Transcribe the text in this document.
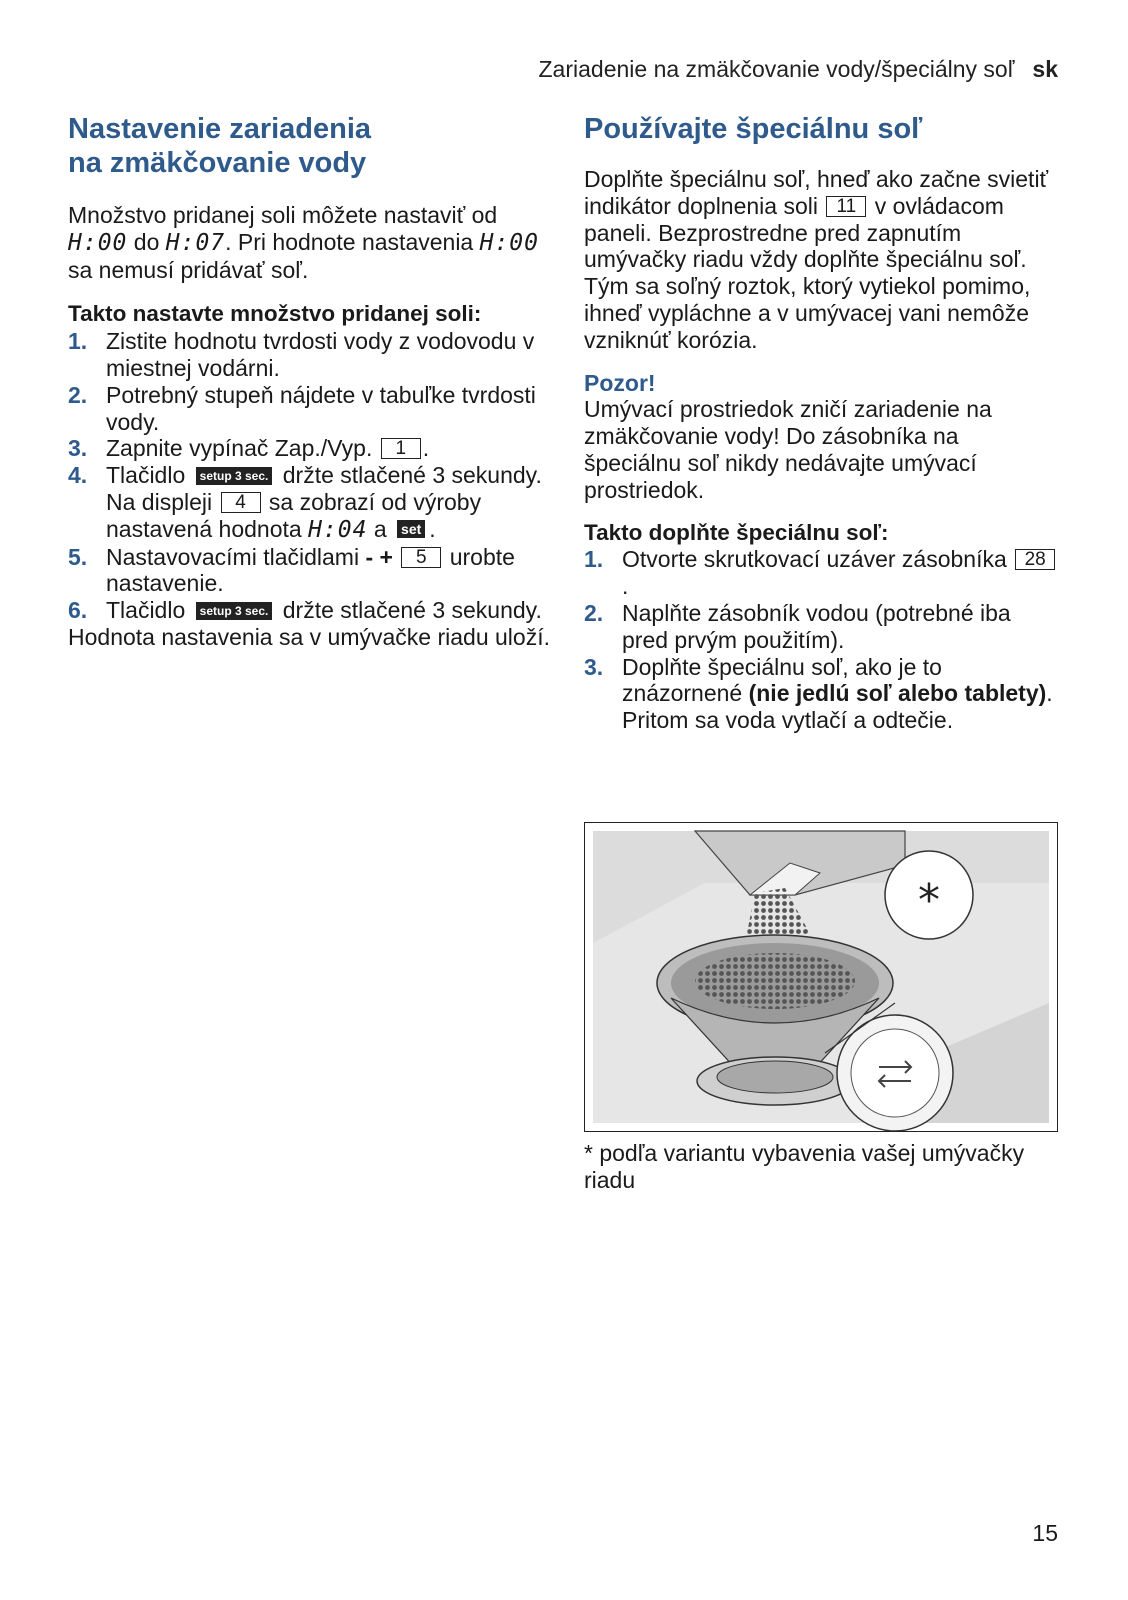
Zariadenie na zmäkčovanie vody/špeciálny soľ sk
Nastavenie zariadenia
na zmäkčovanie vody

Množstvo pridanej soli môžete nastaviť od H:00 do H:07. Pri hodnote nastavenia H:00 sa nemusí pridávať soľ.

Takto nastavte množstvo pridanej soli:
1. Zistite hodnotu tvrdosti vody z vodovodu v miestnej vodárni.
2. Potrebný stupeň nájdete v tabuľke tvrdosti vody.
3. Zapnite vypínač Zap./Vyp. 1 .
4. Tlačidlo setup 3 sec. držte stlačené 3 sekundy.
Na displeji 4 sa zobrazí od výroby nastavená hodnota H:04 a set .
5. Nastavovacími tlačidlami - + 5 urobte nastavenie.
6. Tlačidlo setup 3 sec. držte stlačené 3 sekundy.

Hodnota nastavenia sa v umývačke riadu uloží.

Používajte špeciálnu soľ

Doplňte špeciálnu soľ, hneď ako začne svietiť indikátor doplnenia soli 11 v ovládacom paneli. Bezprostredne pred zapnutím umývačky riadu vždy doplňte špeciálnu soľ. Tým sa soľný roztok, ktorý vytiekol pomimo, ihneď vypláchne a v umývacej vani nemôže vzniknúť korózia.

Pozor!

Umývací prostriedok zničí zariadenie na zmäkčovanie vody! Do zásobníka na špeciálnu soľ nikdy nedávajte umývací prostriedok.

Takto doplňte špeciálnu soľ:
1. Otvorte skrutkovací uzáver zásobníka 28.
2. Naplňte zásobník vodou (potrebné iba pred prvým použitím).
3. Doplňte špeciálnu soľ, ako je to znázornené (nie jedlú soľ alebo tablety).
Pritom sa voda vytlačí a odtečie.
*
* podľa variantu vybavenia vašej umývačky riadu
15
